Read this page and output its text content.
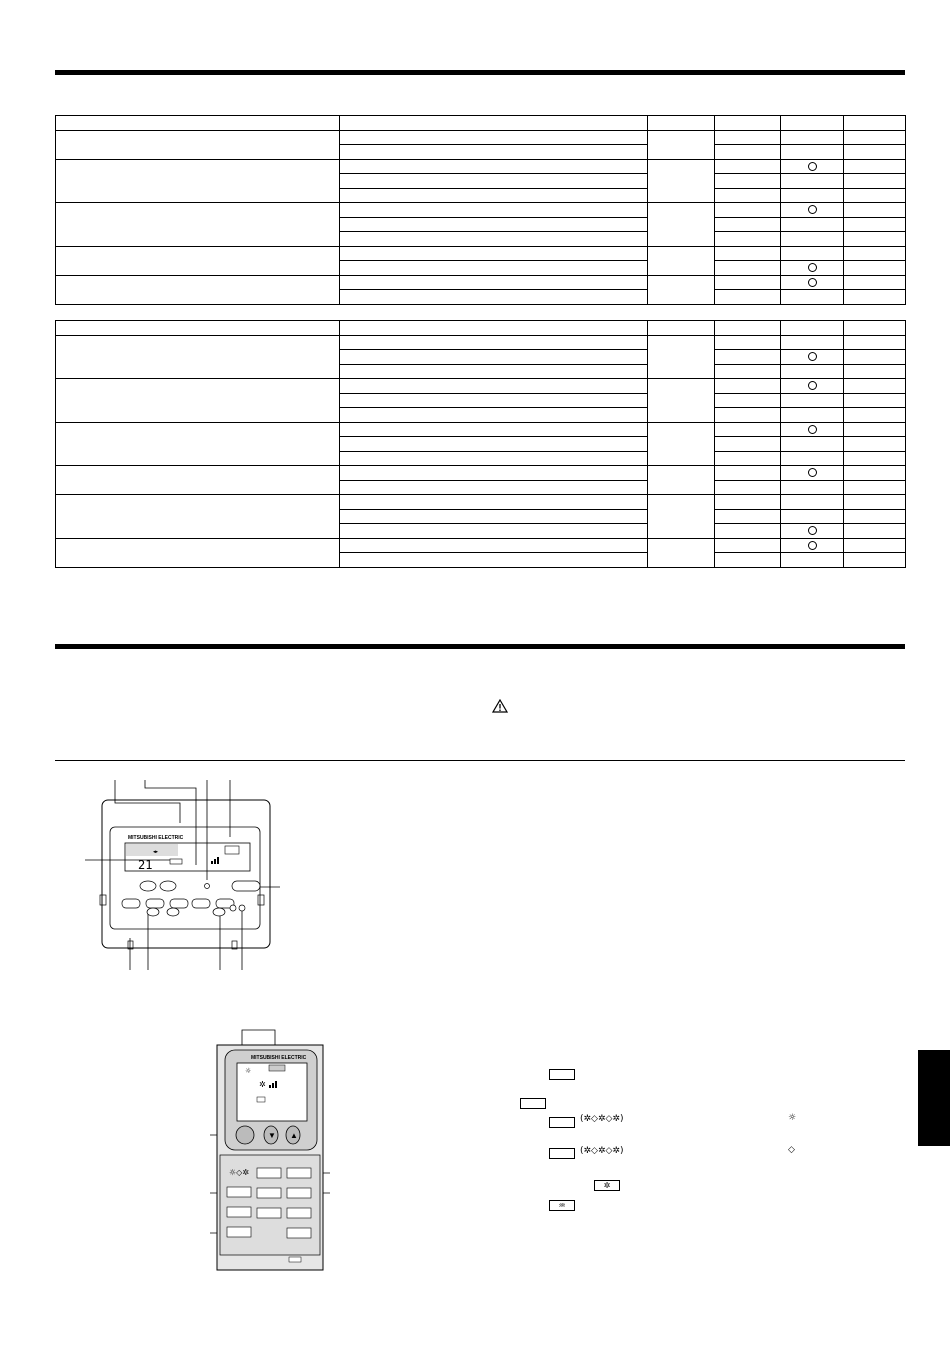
◂▸
21
MITSUBISHI ELECTRIC
MITSUBISHI ELECTRIC
☼
✲
▼ ▲
☼◇✲
(✲◇✲◇✲)	☼
(✲◇✲◇✲)	◇
✲
♒
